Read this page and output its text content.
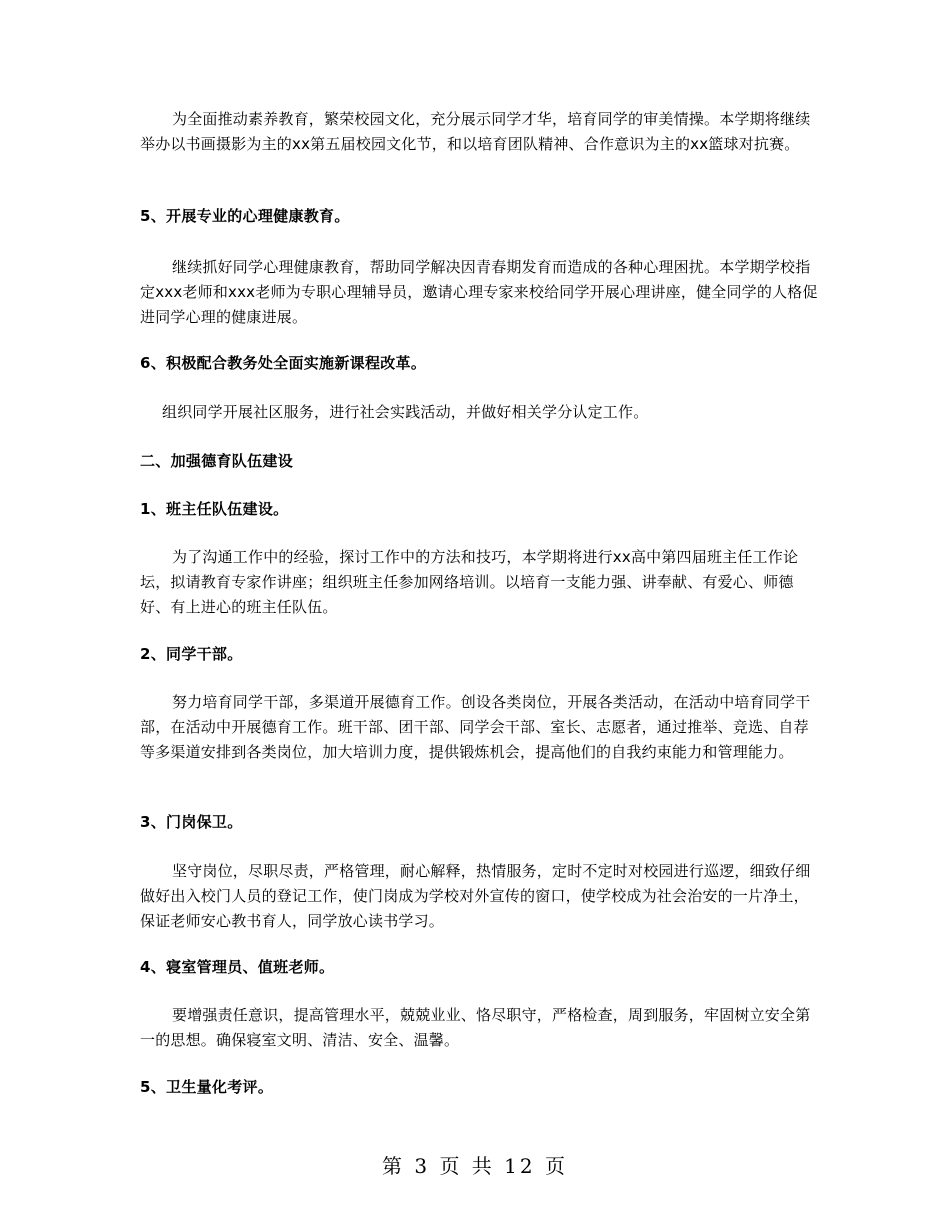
为全面推动素养教育，繁荣校园文化，充分展示同学才华，培育同学的审美情操。本学期将继续举办以书画摄影为主的xx第五届校园文化节，和以培育团队精神、合作意识为主的xx篮球对抗赛。

5、开展专业的心理健康教育。

继续抓好同学心理健康教育，帮助同学解决因青春期发育而造成的各种心理困扰。本学期学校指定xxx老师和xxx老师为专职心理辅导员，邀请心理专家来校给同学开展心理讲座，健全同学的人格促进同学心理的健康进展。

6、积极配合教务处全面实施新课程改革。

组织同学开展社区服务，进行社会实践活动，并做好相关学分认定工作。

二、加强德育队伍建设

1、班主任队伍建设。

为了沟通工作中的经验，探讨工作中的方法和技巧，本学期将进行xx高中第四届班主任工作论坛，拟请教育专家作讲座；组织班主任参加网络培训。以培育一支能力强、讲奉献、有爱心、师德好、有上进心的班主任队伍。

2、同学干部。

努力培育同学干部，多渠道开展德育工作。创设各类岗位，开展各类活动，在活动中培育同学干部，在活动中开展德育工作。班干部、团干部、同学会干部、室长、志愿者，通过推举、竞选、自荐等多渠道安排到各类岗位，加大培训力度，提供锻炼机会，提高他们的自我约束能力和管理能力。

3、门岗保卫。

坚守岗位，尽职尽责，严格管理，耐心解释，热情服务，定时不定时对校园进行巡逻，细致仔细做好出入校门人员的登记工作，使门岗成为学校对外宣传的窗口，使学校成为社会治安的一片净土，保证老师安心教书育人，同学放心读书学习。

4、寝室管理员、值班老师。

要增强责任意识，提高管理水平，兢兢业业、恪尽职守，严格检查，周到服务，牢固树立安全第一的思想。确保寝室文明、清洁、安全、温馨。

5、卫生量化考评。

第 3 页 共 12 页
